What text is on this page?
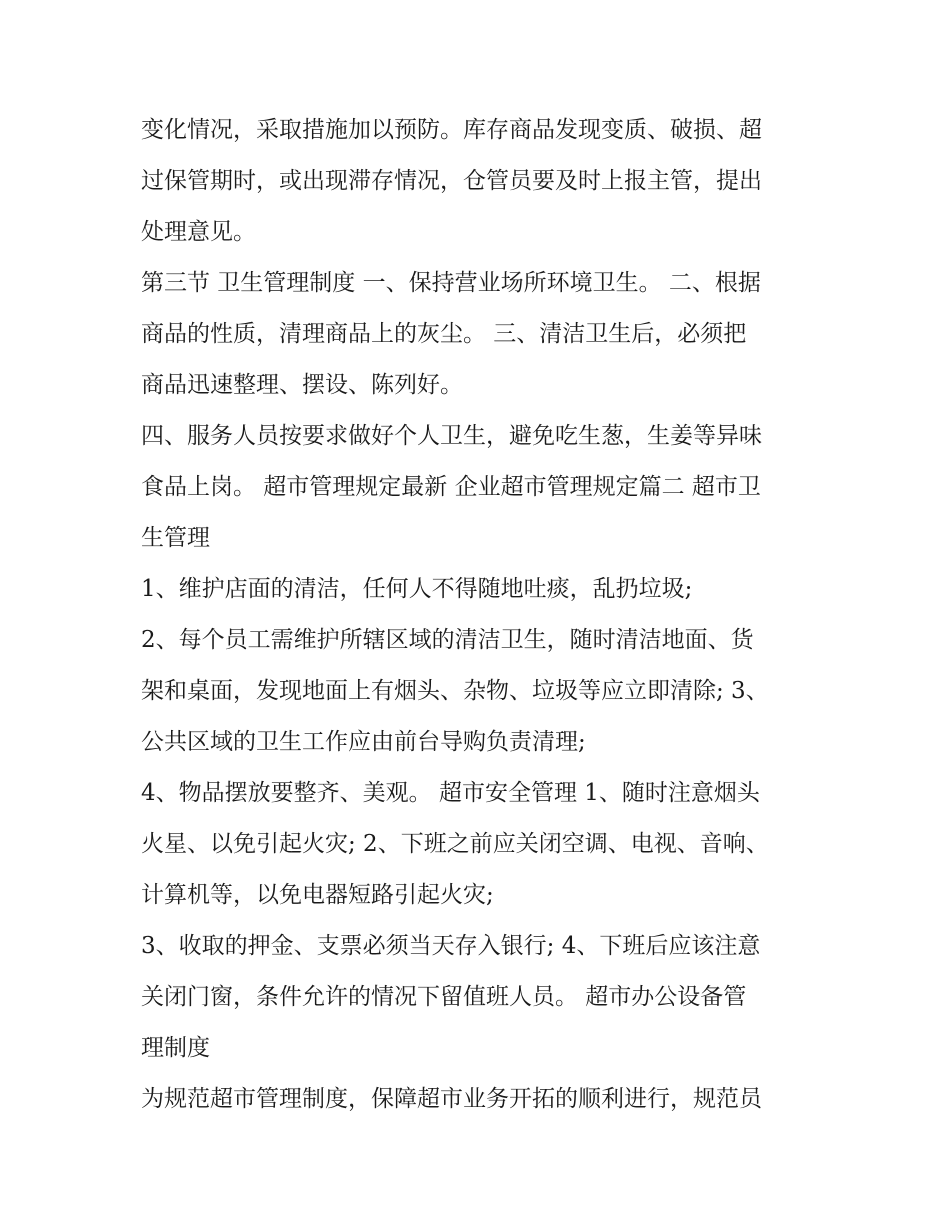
变化情况，采取措施加以预防。库存商品发现变质、破损、超
过保管期时，或出现滞存情况，仓管员要及时上报主管，提出
处理意见。
第三节 卫生管理制度 一、保持营业场所环境卫生。 二、根据
商品的性质，清理商品上的灰尘。 三、清洁卫生后，必须把
商品迅速整理、摆设、陈列好。
四、服务人员按要求做好个人卫生，避免吃生葱，生姜等异味
食品上岗。 超市管理规定最新 企业超市管理规定篇二 超市卫
生管理
1、维护店面的清洁，任何人不得随地吐痰，乱扔垃圾;
2、每个员工需维护所辖区域的清洁卫生，随时清洁地面、货
架和桌面，发现地面上有烟头、杂物、垃圾等应立即清除; 3、
公共区域的卫生工作应由前台导购负责清理;
4、物品摆放要整齐、美观。 超市安全管理 1、随时注意烟头
火星、以免引起火灾; 2、下班之前应关闭空调、电视、音响、
计算机等，以免电器短路引起火灾;
3、收取的押金、支票必须当天存入银行; 4、下班后应该注意
关闭门窗，条件允许的情况下留值班人员。 超市办公设备管
理制度
为规范超市管理制度，保障超市业务开拓的顺利进行，规范员
